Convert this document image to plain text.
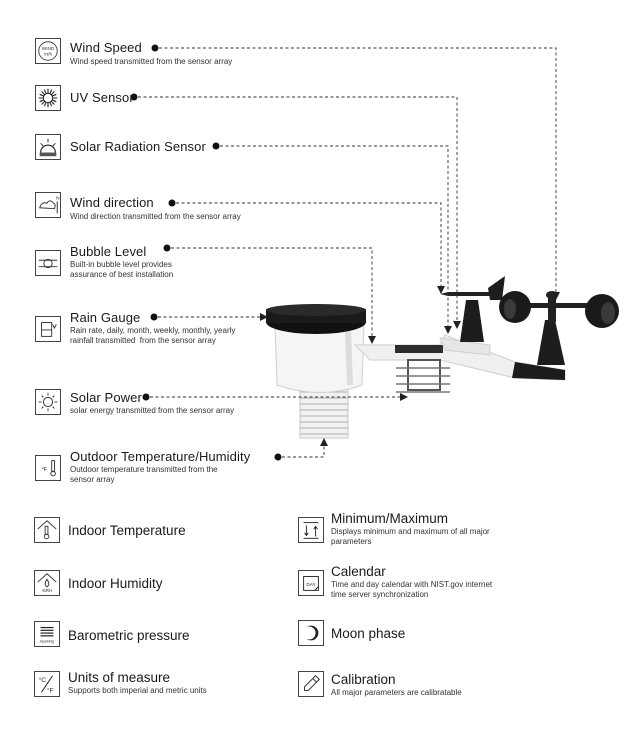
WIND
mi/h Wind Speed
Wind speed transmitted from the sensor array
UV Sensor
Solar Radiation Sensor
N Wind direction
Wind direction transmitted from the sensor array
Bubble Level
Built-in bubble level provides
assurance of best installation
Rain Gauge
Rain rate, daily, month, weekly, monthly, yearly
rainfall transmitted  from the sensor array
Solar Power
solar energy transmitted from the sensor array
°F
Outdoor Temperature/Humidity
Outdoor temperature transmitted from the
sensor array
Indoor Temperature
%RH Indoor Humidity
hpa/inHg Barometric pressure
°C
°F
Units of measure
Supports both imperial and metric units
Minimum/Maximum
Displays minimum and maximum of all major
parameters
DAY
Calendar
Time and day calendar with NIST.gov internet
time server synchronization
Moon phase
Calibration
All major parameters are calibratable
